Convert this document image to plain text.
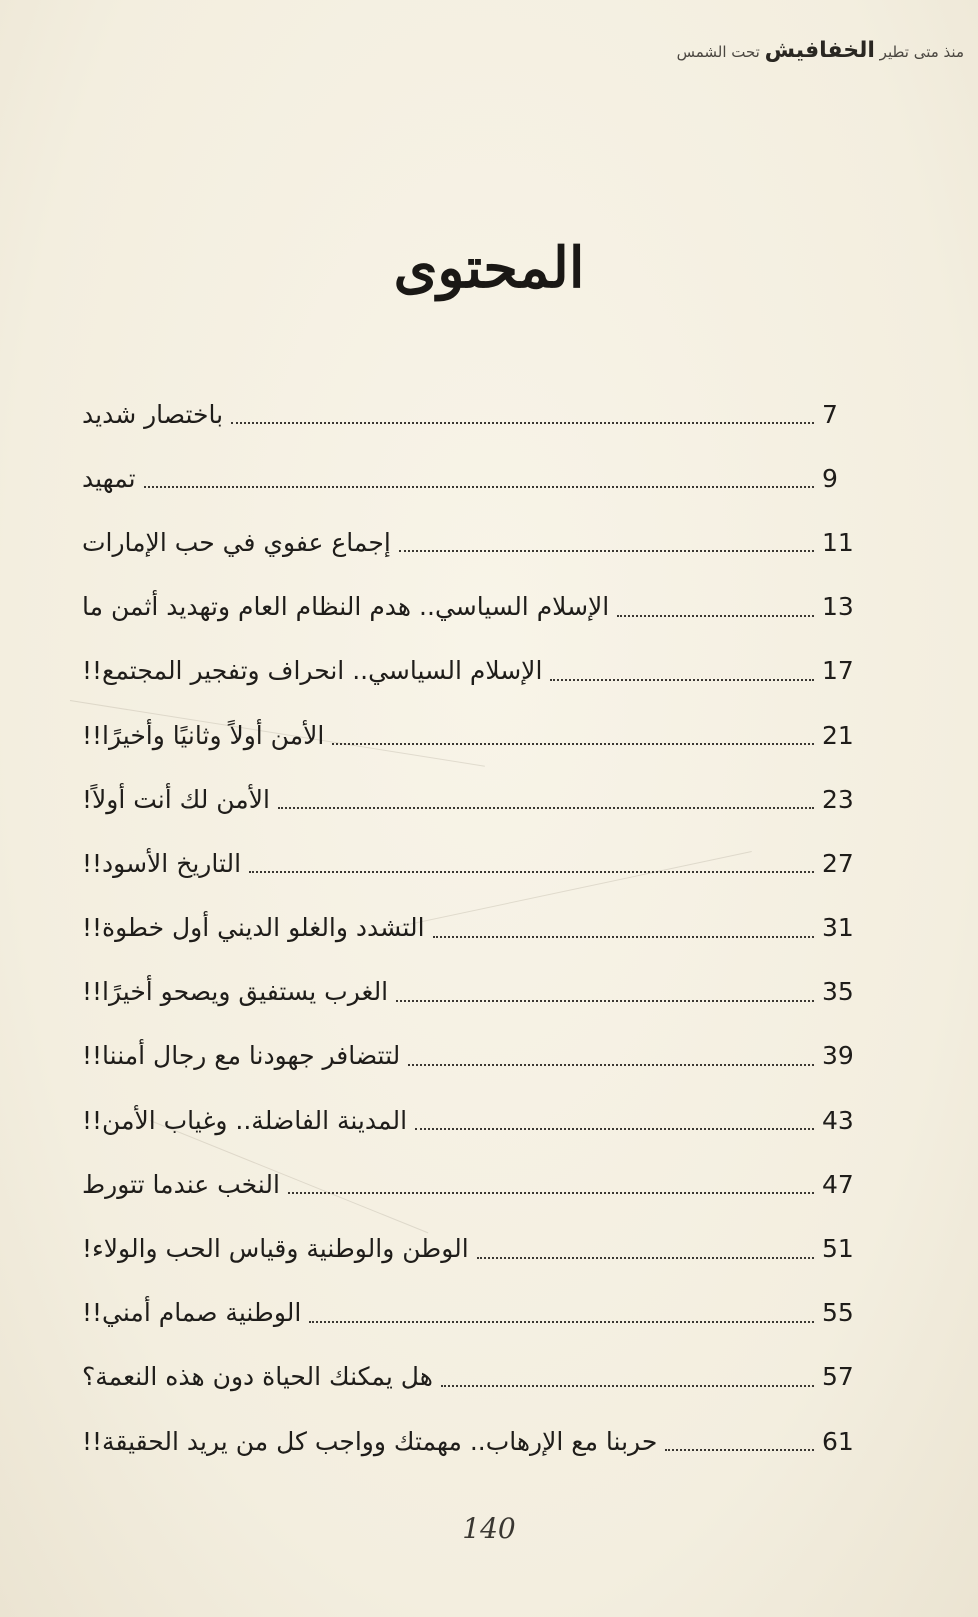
منذ متى تطير الخفافيش تحت الشمس
المحتوى
باختصار شديد	7
تمهيد	9
إجماع عفوي في حب الإمارات	11
الإسلام السياسي.. هدم النظام العام وتهديد أثمن ما	13
الإسلام السياسي.. انحراف وتفجير المجتمع!!	17
الأمن أولاً وثانيًا وأخيرًا!!	21
الأمن لك أنت أولاً!	23
التاريخ الأسود!!	27
التشدد والغلو الديني أول خطوة!!	31
الغرب يستفيق ويصحو أخيرًا!!	35
لتتضافر جهودنا مع رجال أمننا!!	39
المدينة الفاضلة.. وغياب الأمن!!	43
النخب عندما تتورط	47
الوطن والوطنية وقياس الحب والولاء!	51
الوطنية صمام أمني!!	55
هل يمكنك الحياة دون هذه النعمة؟	57
حربنا مع الإرهاب.. مهمتك وواجب كل من يريد الحقيقة!!	61
140
